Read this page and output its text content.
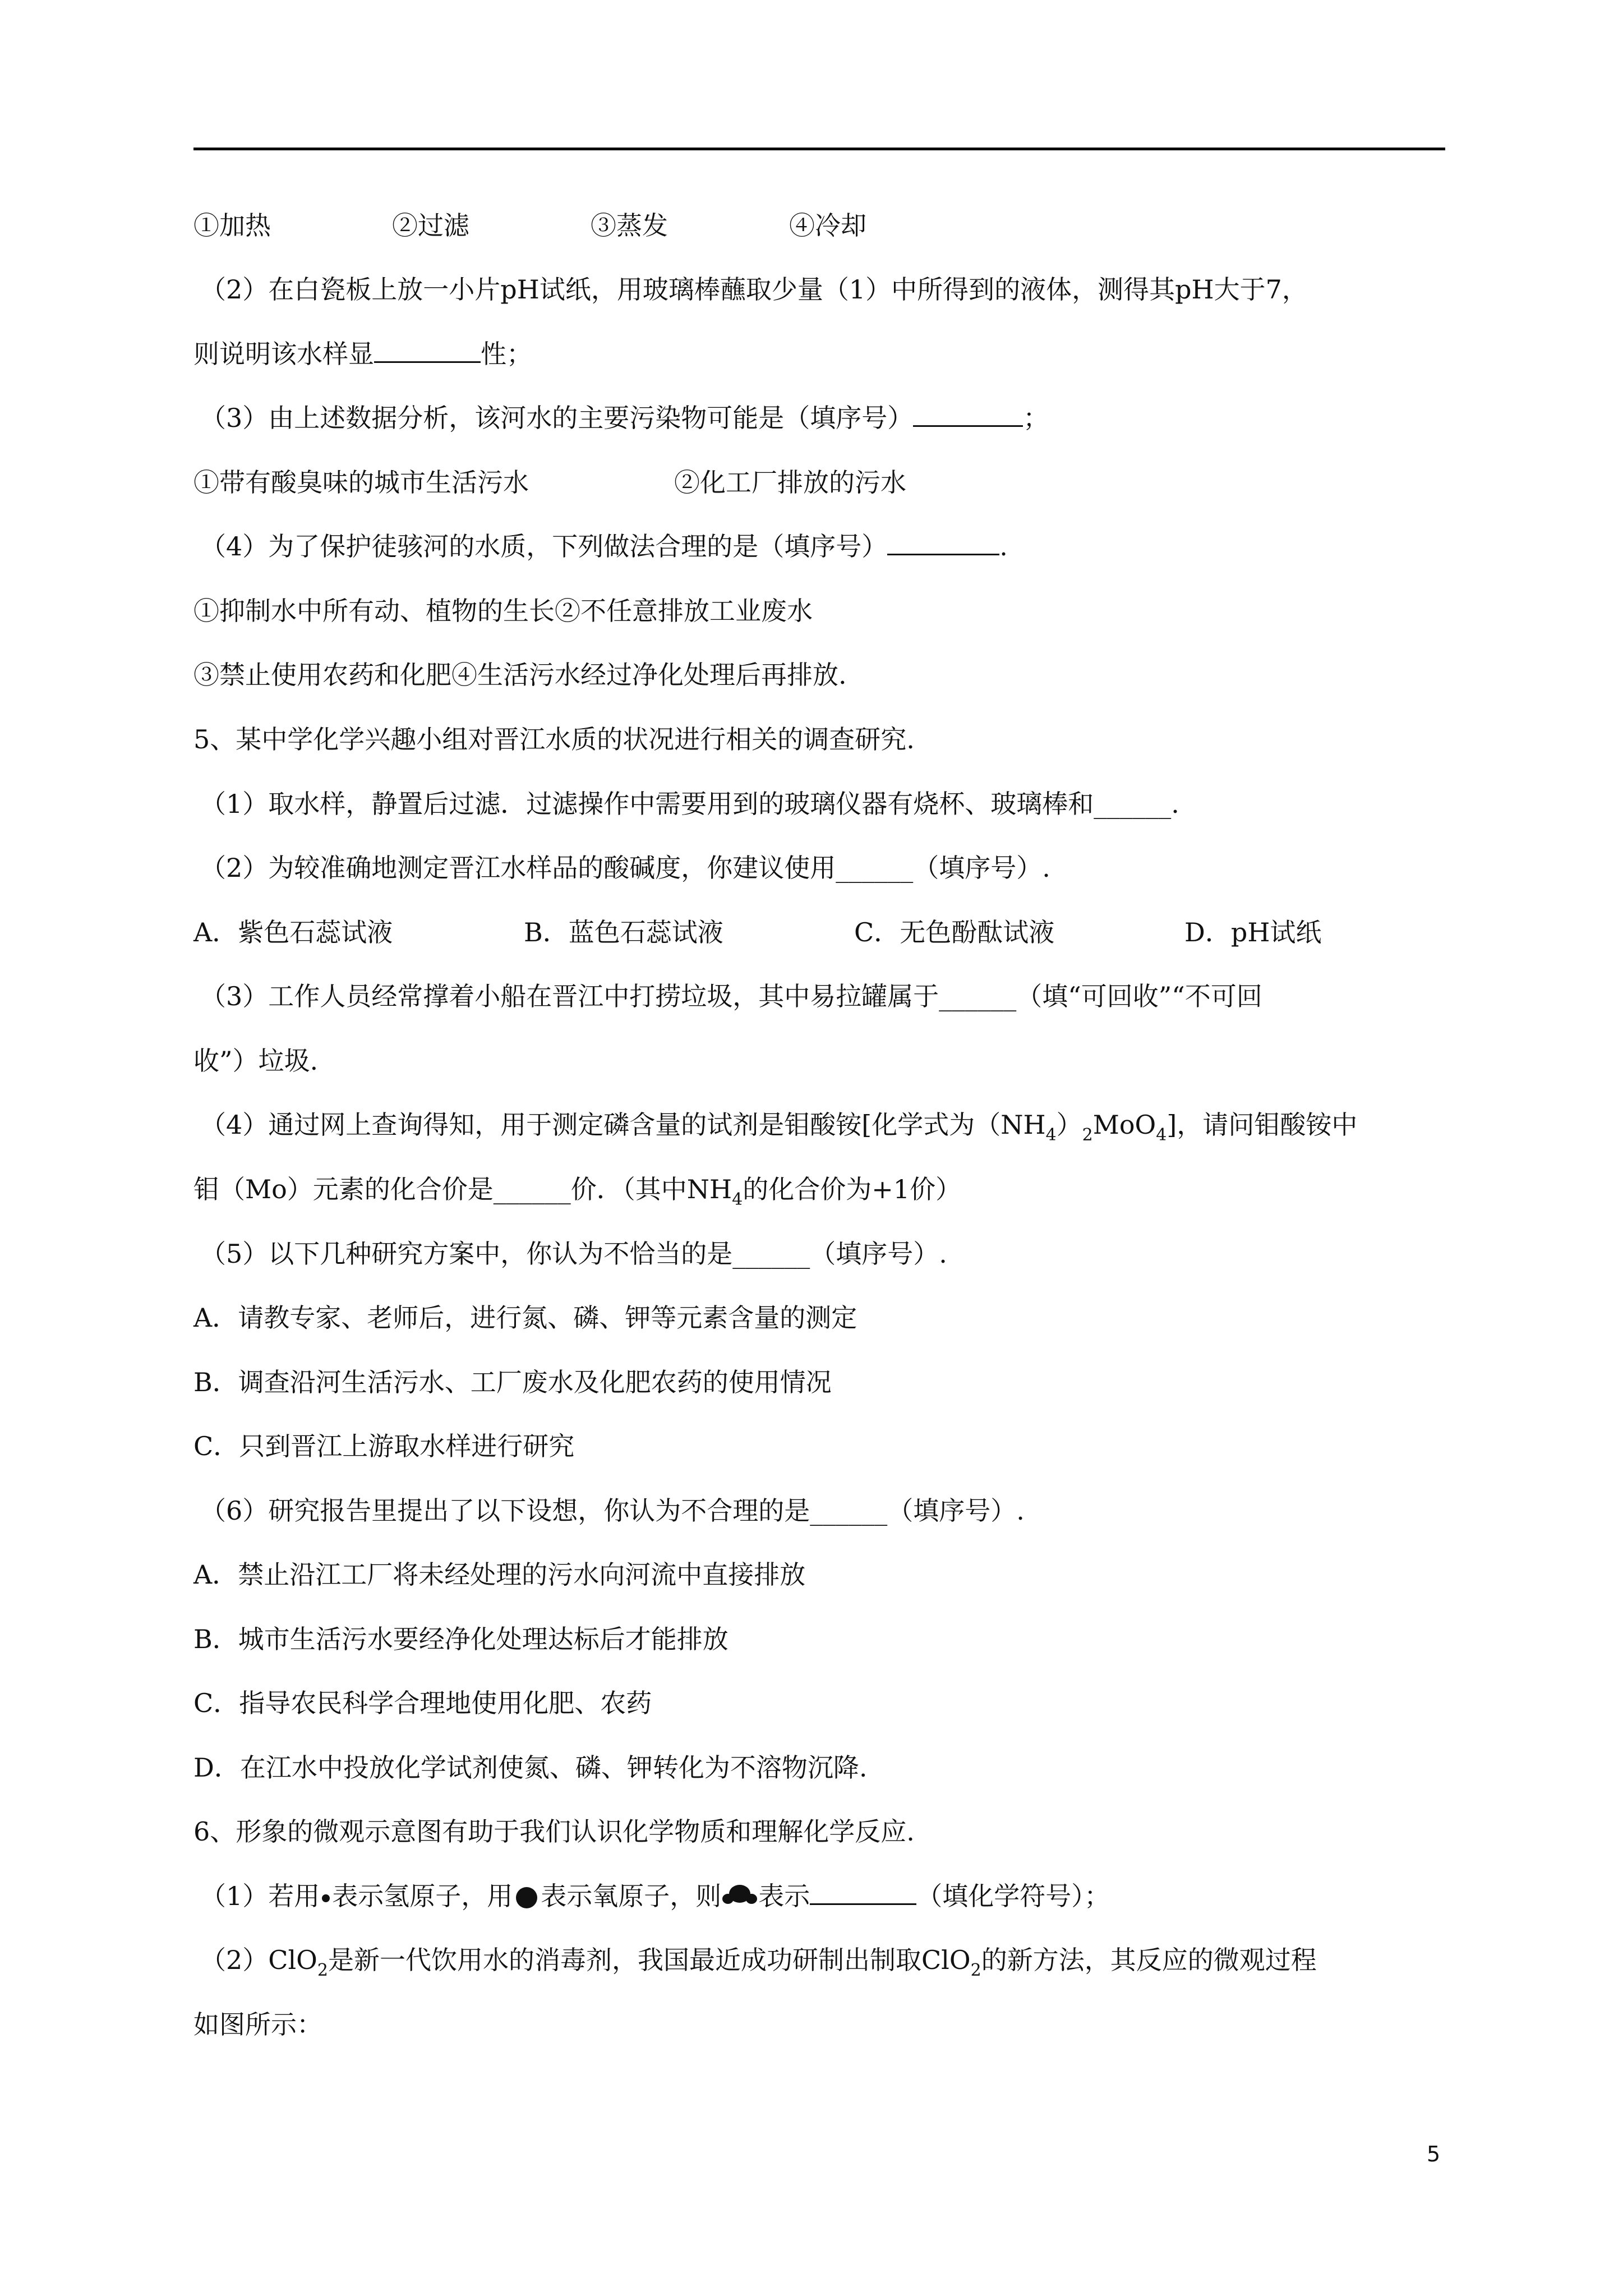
①加热	②过滤	③蒸发	④冷却
（2）在白瓷板上放一小片pH试纸，用玻璃棒蘸取少量（1）中所得到的液体，测得其pH大于7，
则说明该水样显	性；
（3）由上述数据分析，该河水的主要污染物可能是（填序号）	；
①带有酸臭味的城市生活污水	②化工厂排放的污水
（4）为了保护徒骇河的水质，下列做法合理的是（填序号）	.
①抑制水中所有动、植物的生长②不任意排放工业废水
③禁止使用农药和化肥④生活污水经过净化处理后再排放.
5、某中学化学兴趣小组对晋江水质的状况进行相关的调查研究.
（1）取水样，静置后过滤．过滤操作中需要用到的玻璃仪器有烧杯、玻璃棒和______.
（2）为较准确地测定晋江水样品的酸碱度，你建议使用______（填序号）.
A．紫色石蕊试液	B．蓝色石蕊试液	C．无色酚酞试液	D．pH试纸
（3）工作人员经常撑着小船在晋江中打捞垃圾，其中易拉罐属于______（填“可回收”“不可回
收”）垃圾.
（4）通过网上查询得知，用于测定磷含量的试剂是钼酸铵[化学式为$(NH_4)_2MoO_4$]，请问钼酸铵中
钼（Mo）元素的化合价是______价．（其中$NH_4$的化合价为+1价）
（5）以下几种研究方案中，你认为不恰当的是______（填序号）.
A．请教专家、老师后，进行氮、磷、钾等元素含量的测定
B．调查沿河生活污水、工厂废水及化肥农药的使用情况
C．只到晋江上游取水样进行研究
（6）研究报告里提出了以下设想，你认为不合理的是______（填序号）.
A．禁止沿江工厂将未经处理的污水向河流中直接排放
B．城市生活污水要经净化处理达标后才能排放
C．指导农民科学合理地使用化肥、农药
D．在江水中投放化学试剂使氮、磷、钾转化为不溶物沉降.
6、形象的微观示意图有助于我们认识化学物质和理解化学反应.
（1）若用 表示氢原子，用 表示氧原子，则 表示	（填化学符号）；
（2）ClO$_2$是新一代饮用水的消毒剂，我国最近成功研制出制取ClO$_2$的新方法，其反应的微观过程
如图所示：
5
